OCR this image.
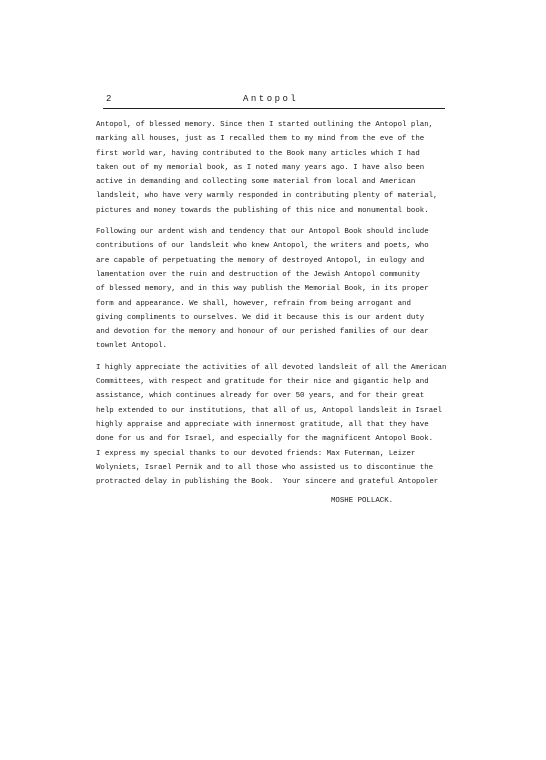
2	Antopol
Antopol, of blessed memory. Since then I started outlining the Antopol plan,
marking all houses, just as I recalled them to my mind from the eve of the
first world war, having contributed to the Book many articles which I had
taken out of my memorial book, as I noted many years ago. I have also been
active in demanding and collecting some material from local and American
landsleit, who have very warmly responded in contributing plenty of material,
pictures and money towards the publishing of this nice and monumental book.
Following our ardent wish and tendency that our Antopol Book should include
contributions of our landsleit who knew Antopol, the writers and poets, who
are capable of perpetuating the memory of destroyed Antopol, in eulogy and
lamentation over the ruin and destruction of the Jewish Antopol community
of blessed memory, and in this way publish the Memorial Book, in its proper
form and appearance. We shall, however, refrain from being arrogant and
giving compliments to ourselves. We did it because this is our ardent duty
and devotion for the memory and honour of our perished families of our dear
townlet Antopol.
I highly appreciate the activities of all devoted landsleit of all the American
Committees, with respect and gratitude for their nice and gigantic help and
assistance, which continues already for over 50 years, and for their great
help extended to our institutions, that all of us, Antopol landsleit in Israel
highly appraise and appreciate with innermost gratitude, all that they have
done for us and for Israel, and especially for the magnificent Antopol Book.
I express my special thanks to our devoted friends: Max Futerman, Leizer
Wolyniets, Israel Pernik and to all those who assisted us to discontinue the
protracted delay in publishing the Book.	Your sincere and grateful Antopoler
MOSHE POLLACK.
